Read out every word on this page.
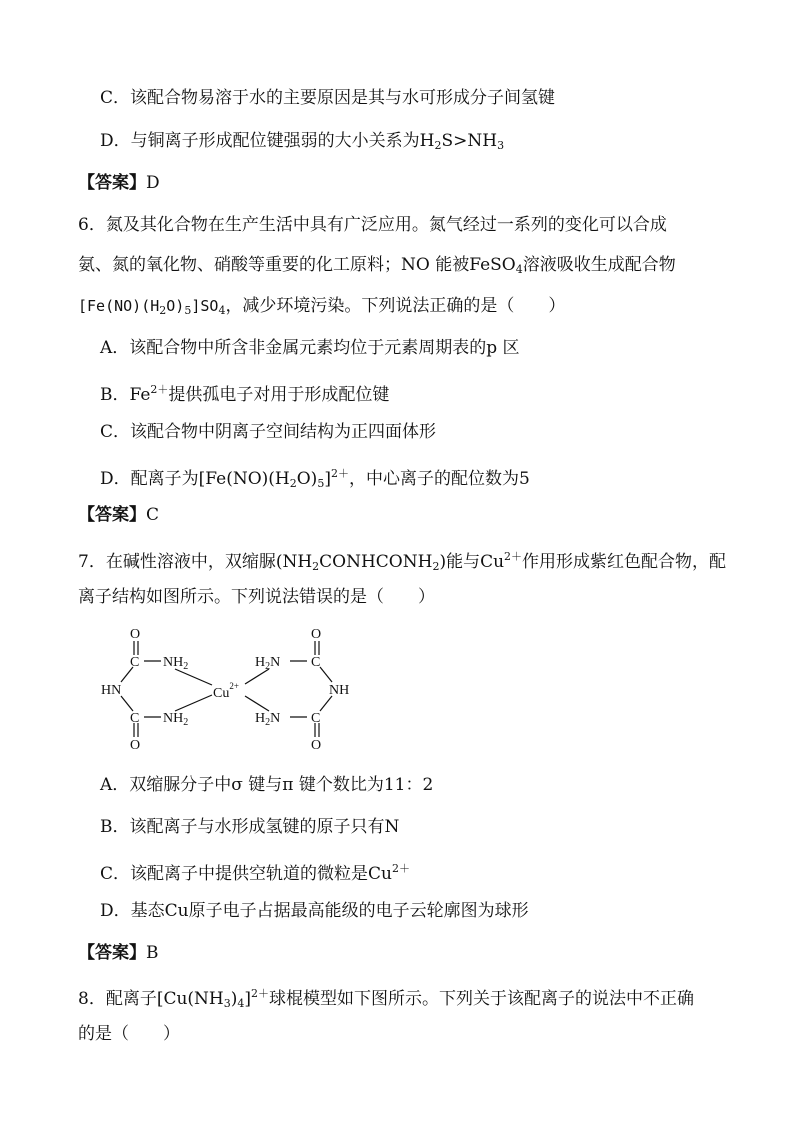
C．该配合物易溶于水的主要原因是其与水可形成分子间氢键
D．与铜离子形成配位键强弱的大小关系为$H_2S>NH_3$
【答案】D
6．氮及其化合物在生产生活中具有广泛应用。氮气经过一系列的变化可以合成
氨、氮的氧化物、硝酸等重要的化工原料；NO 能被FeSO$_4$溶液吸收生成配合物
$[Fe(NO)(H_2O)_5]SO_4$，减少环境污染。下列说法正确的是（　　）
A．该配合物中所含非金属元素均位于元素周期表的p 区
B．$Fe^{2+}$提供孤电子对用于形成配位键
C．该配合物中阴离子空间结构为正四面体形
D．配离子为$[Fe(NO)(H_2O)_5]^{2+}$，中心离子的配位数为5
【答案】C
7．在碱性溶液中，双缩脲$(NH_2CONHCONH_2)$能与$Cu^{2+}$作用形成紫红色配合物，配
离子结构如图所示。下列说法错误的是（　　）
O
C $NH_2$
HN
C $NH_2$
O
$Cu^{2+}$
O
$H_2N$ C
NH
$H_2N$ C
O
A．双缩脲分子中σ 键与π 键个数比为11：2
B．该配离子与水形成氢键的原子只有N
C．该配离子中提供空轨道的微粒是$Cu^{2+}$
D．基态Cu原子电子占据最高能级的电子云轮廓图为球形
【答案】B
8．配离子$[Cu(NH_3)_4]^{2+}$球棍模型如下图所示。下列关于该配离子的说法中不正确
的是（　　）
